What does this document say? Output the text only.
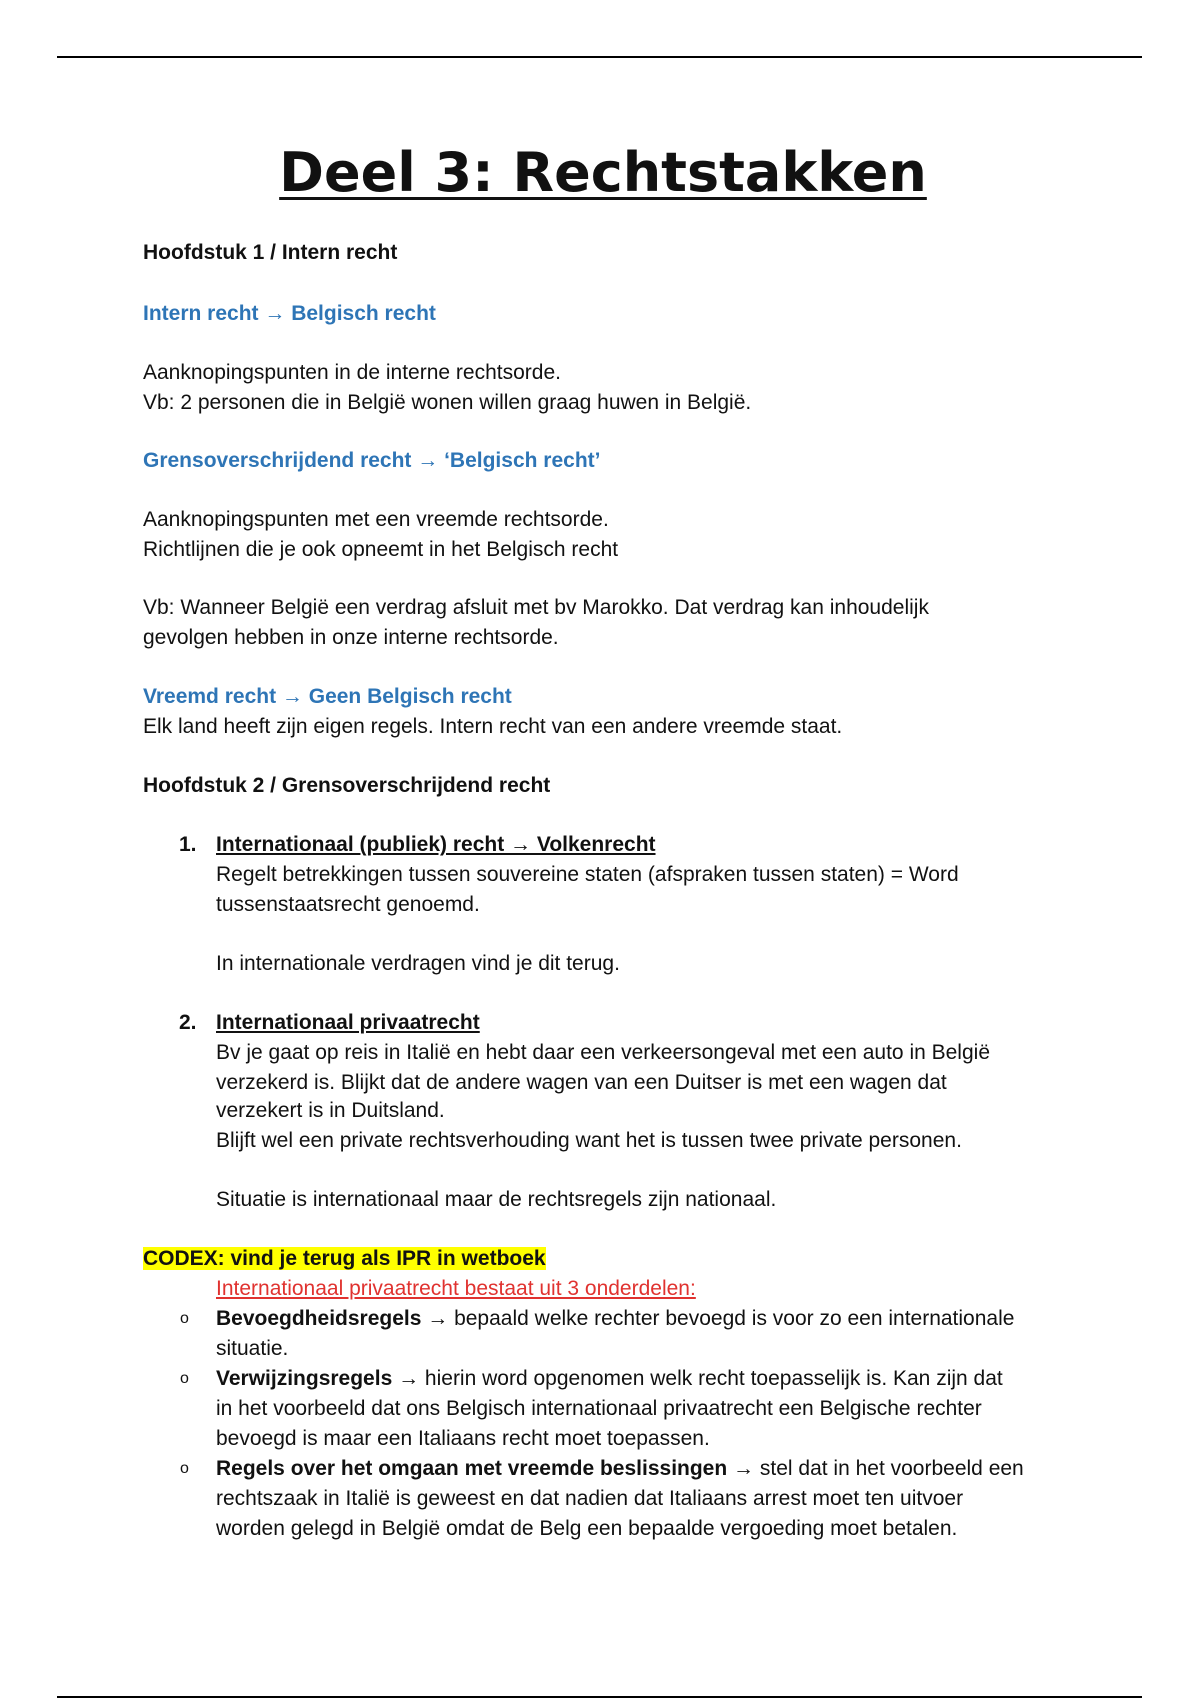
Deel 3: Rechtstakken
Hoofdstuk 1 / Intern recht
Intern recht → Belgisch recht
Aanknopingspunten in de interne rechtsorde.
Vb: 2 personen die in België wonen willen graag huwen in België.
Grensoverschrijdend recht → ‘Belgisch recht’
Aanknopingspunten met een vreemde rechtsorde.
Richtlijnen die je ook opneemt in het Belgisch recht
Vb: Wanneer België een verdrag afsluit met bv Marokko. Dat verdrag kan inhoudelijk
gevolgen hebben in onze interne rechtsorde.
Vreemd recht → Geen Belgisch recht
Elk land heeft zijn eigen regels. Intern recht van een andere vreemde staat.
Hoofdstuk 2 / Grensoverschrijdend recht
1. Internationaal (publiek) recht → Volkenrecht
Regelt betrekkingen tussen souvereine staten (afspraken tussen staten) = Word
tussenstaatsrecht genoemd.
In internationale verdragen vind je dit terug.
2. Internationaal privaatrecht
Bv je gaat op reis in Italië en hebt daar een verkeersongeval met een auto in België
verzekerd is. Blijkt dat de andere wagen van een Duitser is met een wagen dat
verzekert is in Duitsland.
Blijft wel een private rechtsverhouding want het is tussen twee private personen.
Situatie is internationaal maar de rechtsregels zijn nationaal.
CODEX: vind je terug als IPR in wetboek
Internationaal privaatrecht bestaat uit 3 onderdelen:
o Bevoegdheidsregels → bepaald welke rechter bevoegd is voor zo een internationale
situatie.
o Verwijzingsregels → hierin word opgenomen welk recht toepasselijk is. Kan zijn dat
in het voorbeeld dat ons Belgisch internationaal privaatrecht een Belgische rechter
bevoegd is maar een Italiaans recht moet toepassen.
o Regels over het omgaan met vreemde beslissingen → stel dat in het voorbeeld een
rechtszaak in Italië is geweest en dat nadien dat Italiaans arrest moet ten uitvoer
worden gelegd in België omdat de Belg een bepaalde vergoeding moet betalen.
